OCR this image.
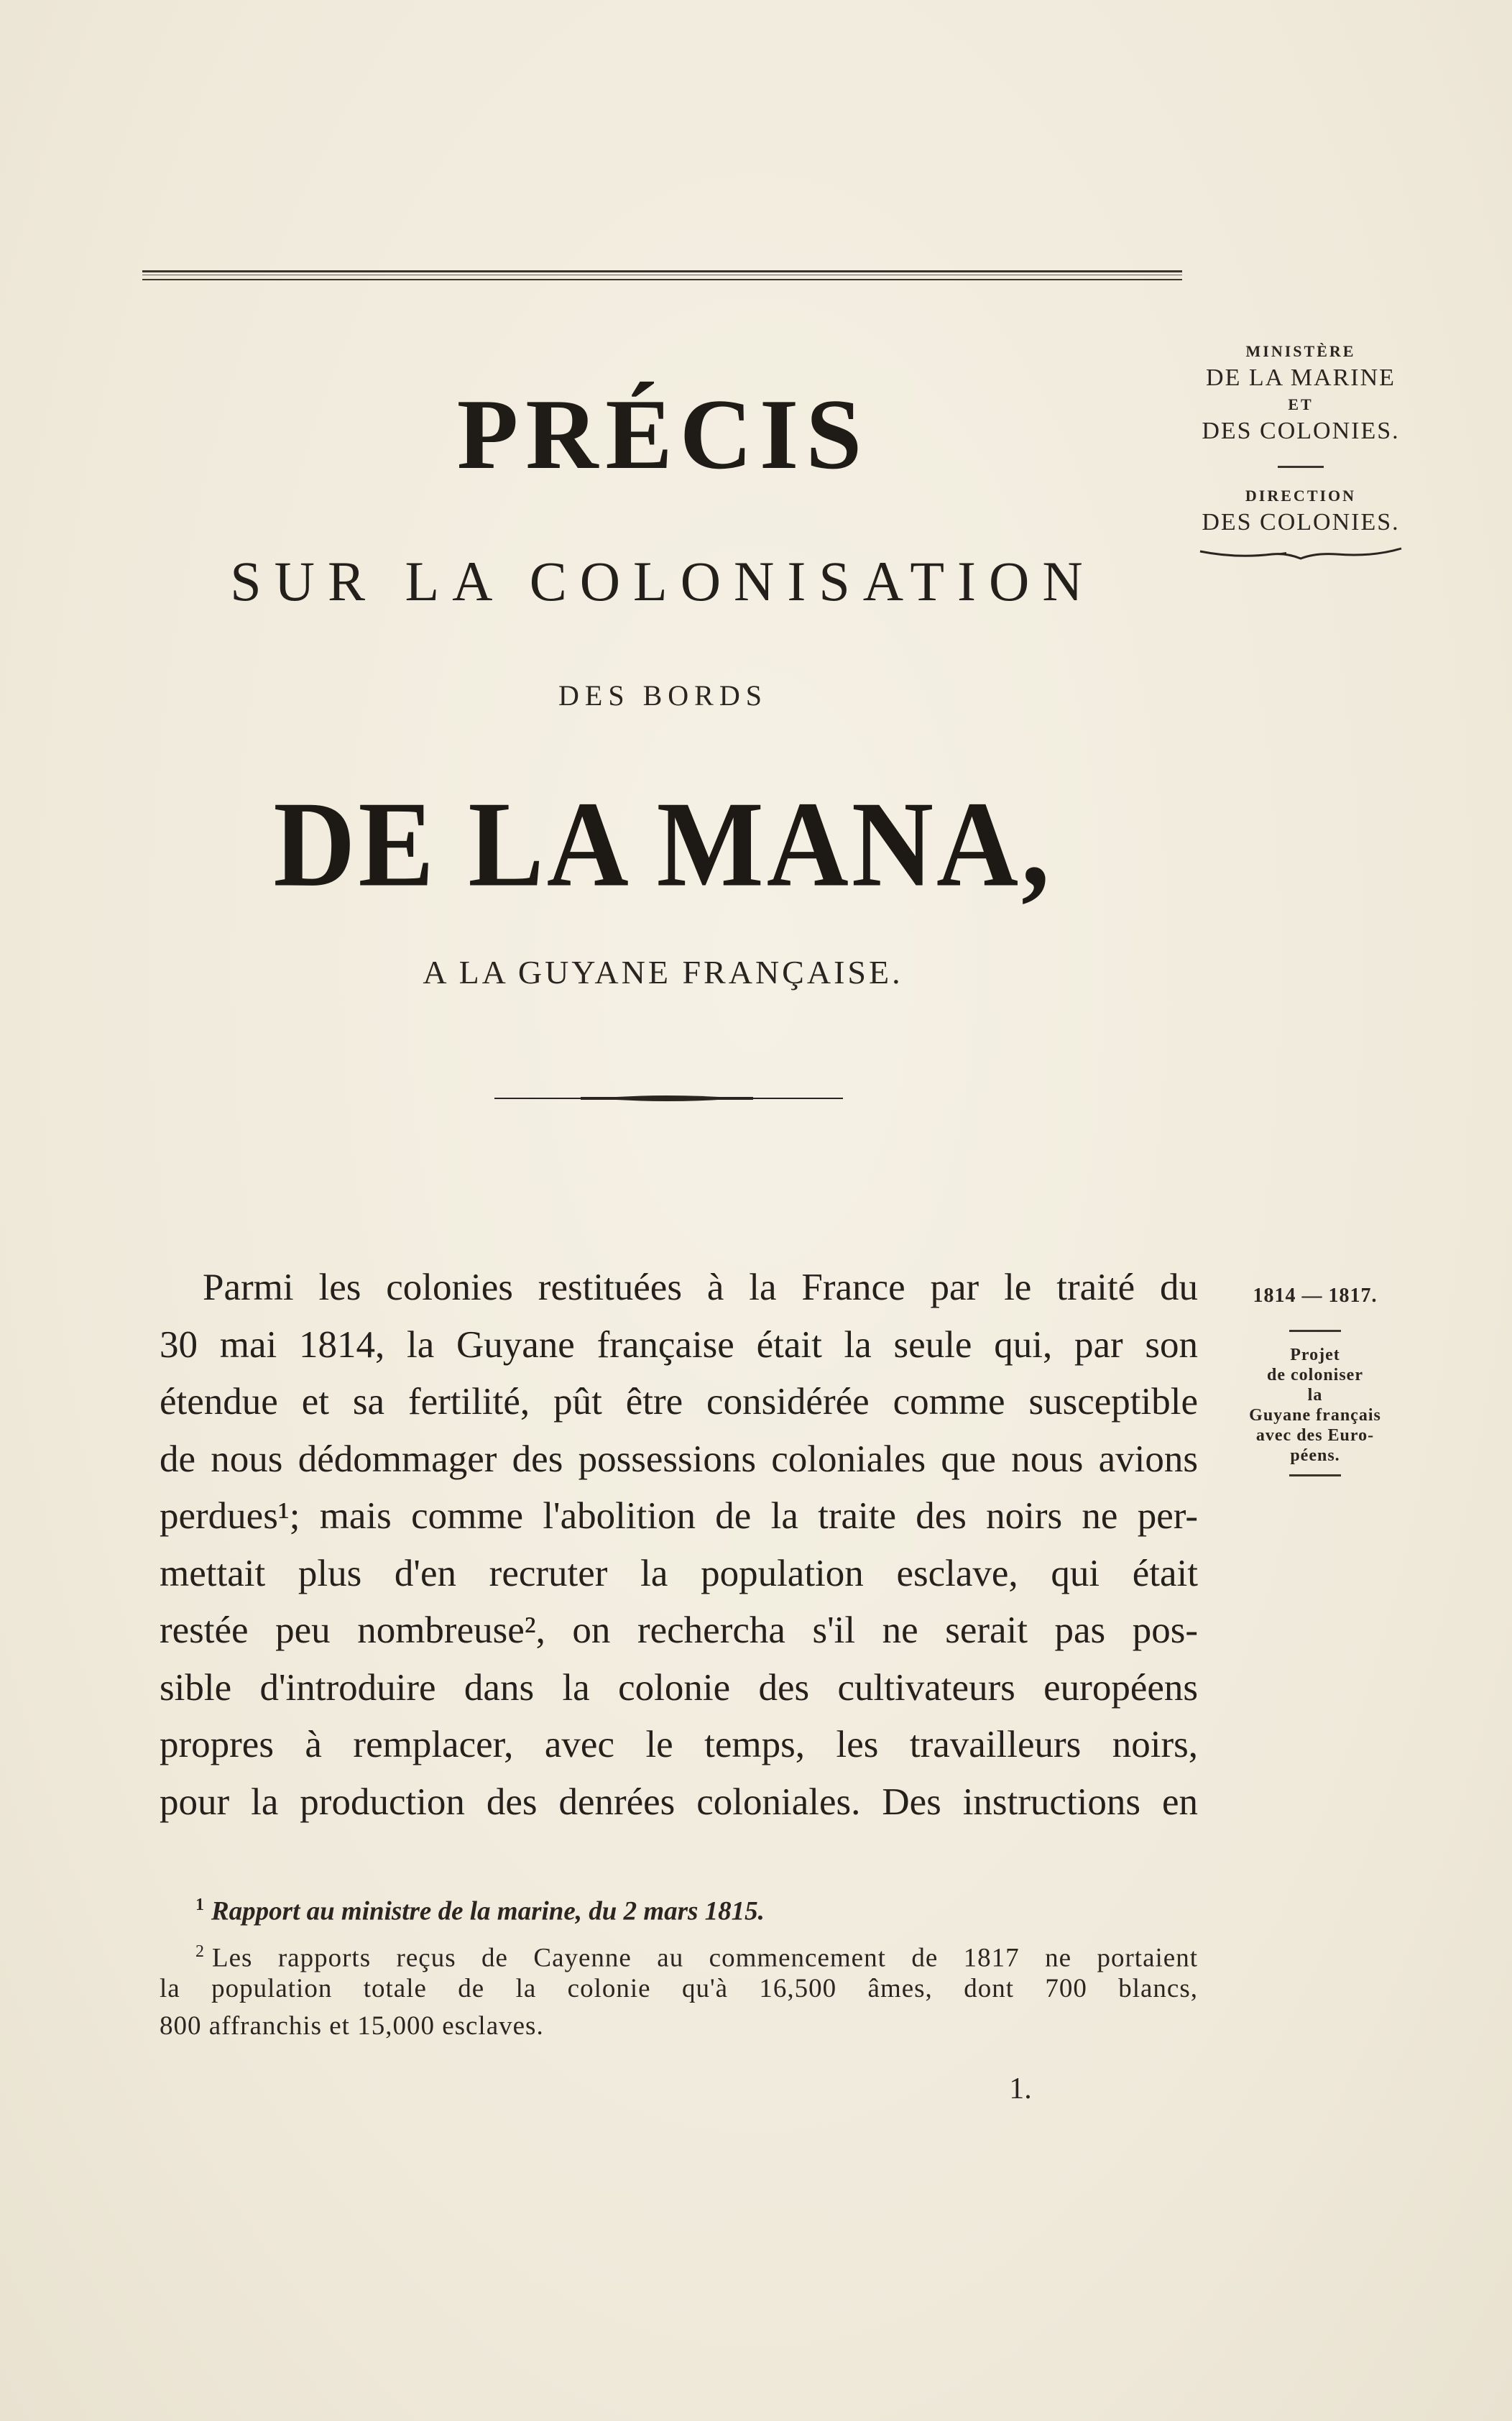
MINISTÈRE
DE LA MARINE
ET
DES COLONIES.
DIRECTION
DES COLONIES.
PRÉCIS
SUR LA COLONISATION
DES BORDS
DE LA MANA,
A LA GUYANE FRANÇAISE.
1814 — 1817.
Projet
de coloniser
la
Guyane français
avec des Euro-
péens.
Parmi les colonies restituées à la France par le traité du
30 mai 1814, la Guyane française était la seule qui, par son
étendue et sa fertilité, pût être considérée comme susceptible
de nous dédommager des possessions coloniales que nous avions
perdues¹; mais comme l'abolition de la traite des noirs ne per-
mettait plus d'en recruter la population esclave, qui était
restée peu nombreuse², on rechercha s'il ne serait pas pos-
sible d'introduire dans la colonie des cultivateurs européens
propres à remplacer, avec le temps, les travailleurs noirs,
pour la production des denrées coloniales. Des instructions en
$^1$ Rapport au ministre de la marine, du 2 mars 1815.
$^2$ Les rapports reçus de Cayenne au commencement de 1817 ne portaient
la population totale de la colonie qu'à 16,500 âmes, dont 700 blancs,
800 affranchis et 15,000 esclaves.
1.
